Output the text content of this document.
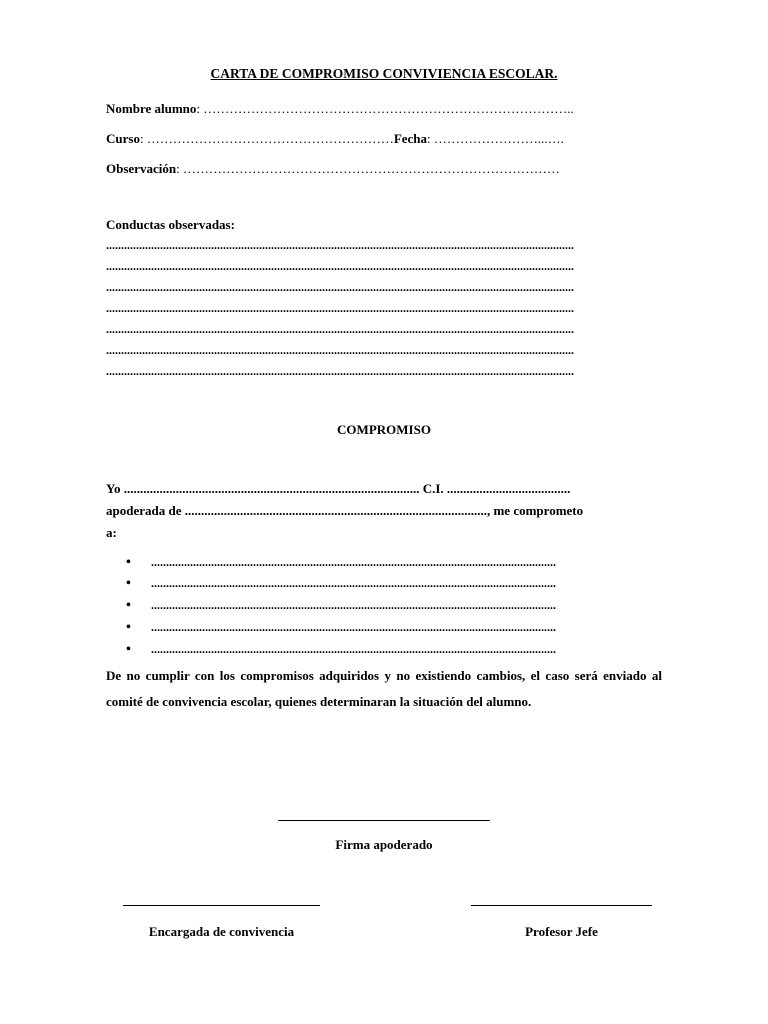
CARTA DE COMPROMISO CONVIVIENCIA ESCOLAR.
Nombre alumno: …………………………………………………………………………..
Curso: …………………………………………………Fecha: ……………………...….
Observación: ……………………………………………………………………………
Conductas observadas:
............................................................................................................................................................
............................................................................................................................................................
............................................................................................................................................................
............................................................................................................................................................
............................................................................................................................................................
............................................................................................................................................................
............................................................................................................................................................
COMPROMISO
Yo ........................................................................................... C.I. ......................................
apoderada de ............................................................................................., me comprometo
a:
• .......................................................................................................................................
• .......................................................................................................................................
• .......................................................................................................................................
• .......................................................................................................................................
• .......................................................................................................................................
De no cumplir con los compromisos adquiridos y no existiendo cambios, el caso será enviado al comité de convivencia escolar, quienes determinaran la situación del alumno.
Firma apoderado
Encargada de convivencia	Profesor Jefe
